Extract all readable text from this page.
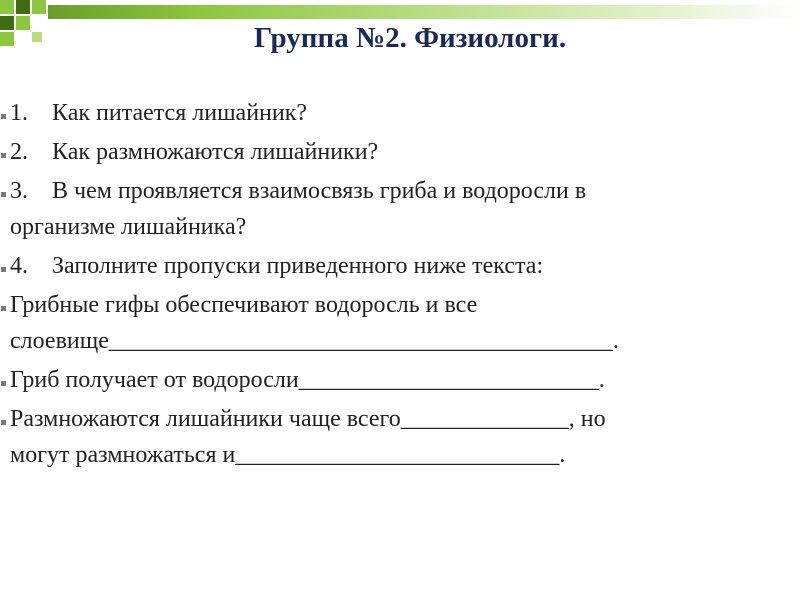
Группа №2. Физиологи.
1. Как питается лишайник?
2. Как размножаются лишайники?
3. В чем проявляется взаимосвязь гриба и водоросли в
организме лишайника?
4. Заполните пропуски приведенного ниже текста:
Грибные гифы обеспечивают водоросль и все
слоевище__________________________________________.
Гриб получает от водоросли_________________________.
Размножаются лишайники чаще всего______________, но
могут размножаться и___________________________.
